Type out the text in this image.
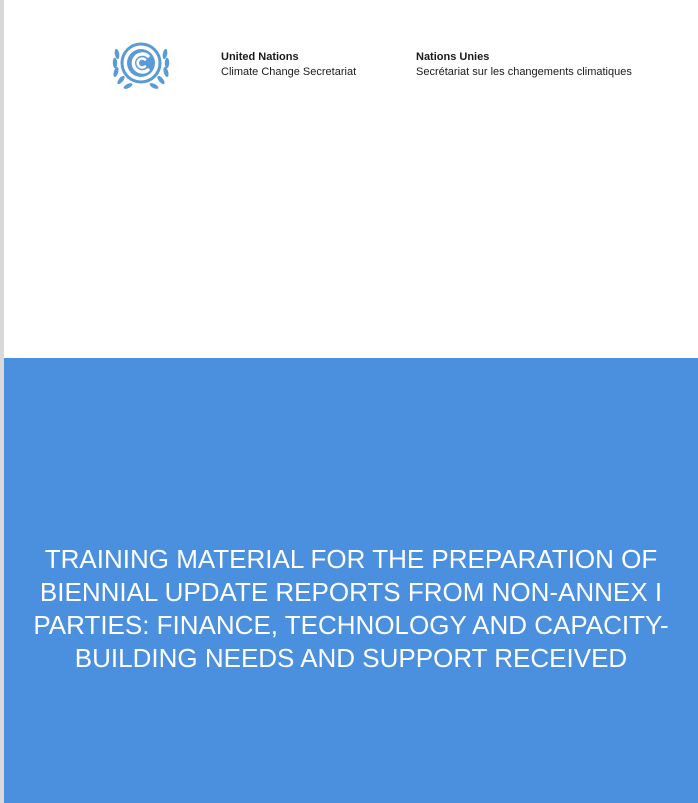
United Nations
Climate Change Secretariat
Nations Unies
Secrétariat sur les changements climatiques
TRAINING MATERIAL FOR THE PREPARATION OF BIENNIAL UPDATE REPORTS FROM NON-ANNEX I PARTIES: FINANCE, TECHNOLOGY AND CAPACITY-BUILDING NEEDS AND SUPPORT RECEIVED
